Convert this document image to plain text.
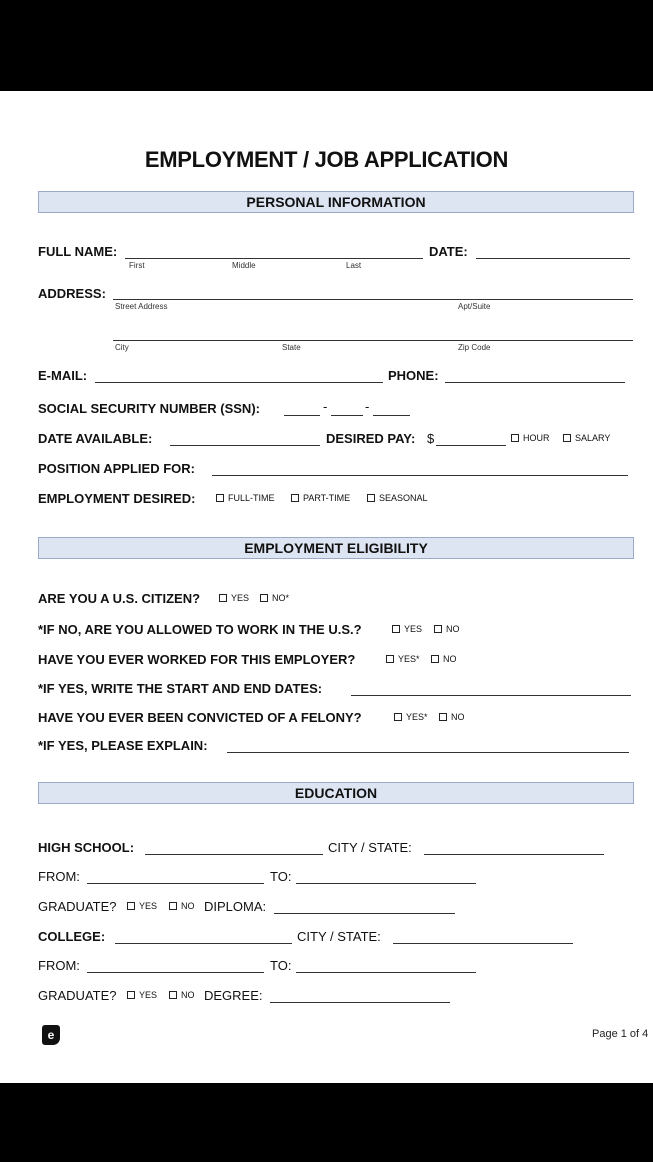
EMPLOYMENT / JOB APPLICATION
PERSONAL INFORMATION
FULL NAME:
First	Middle	Last
DATE:
ADDRESS:
Street Address	Apt/Suite
City	State	Zip Code
E-MAIL:	PHONE:
SOCIAL SECURITY NUMBER (SSN):	-	-
DATE AVAILABLE:	DESIRED PAY: $	HOUR	SALARY
POSITION APPLIED FOR:
EMPLOYMENT DESIRED:	FULL-TIME	PART-TIME	SEASONAL
EMPLOYMENT ELIGIBILITY
ARE YOU A U.S. CITIZEN?	YES	NO*
*IF NO, ARE YOU ALLOWED TO WORK IN THE U.S.?	YES	NO
HAVE YOU EVER WORKED FOR THIS EMPLOYER?	YES*	NO
*IF YES, WRITE THE START AND END DATES:
HAVE YOU EVER BEEN CONVICTED OF A FELONY?	YES*	NO
*IF YES, PLEASE EXPLAIN:
EDUCATION
HIGH SCHOOL:	CITY / STATE:
FROM:	TO:
GRADUATE?	YES	NO DIPLOMA:
COLLEGE:	CITY / STATE:
FROM:	TO:
GRADUATE?	YES	NO DEGREE:
e	Page 1 of 4
